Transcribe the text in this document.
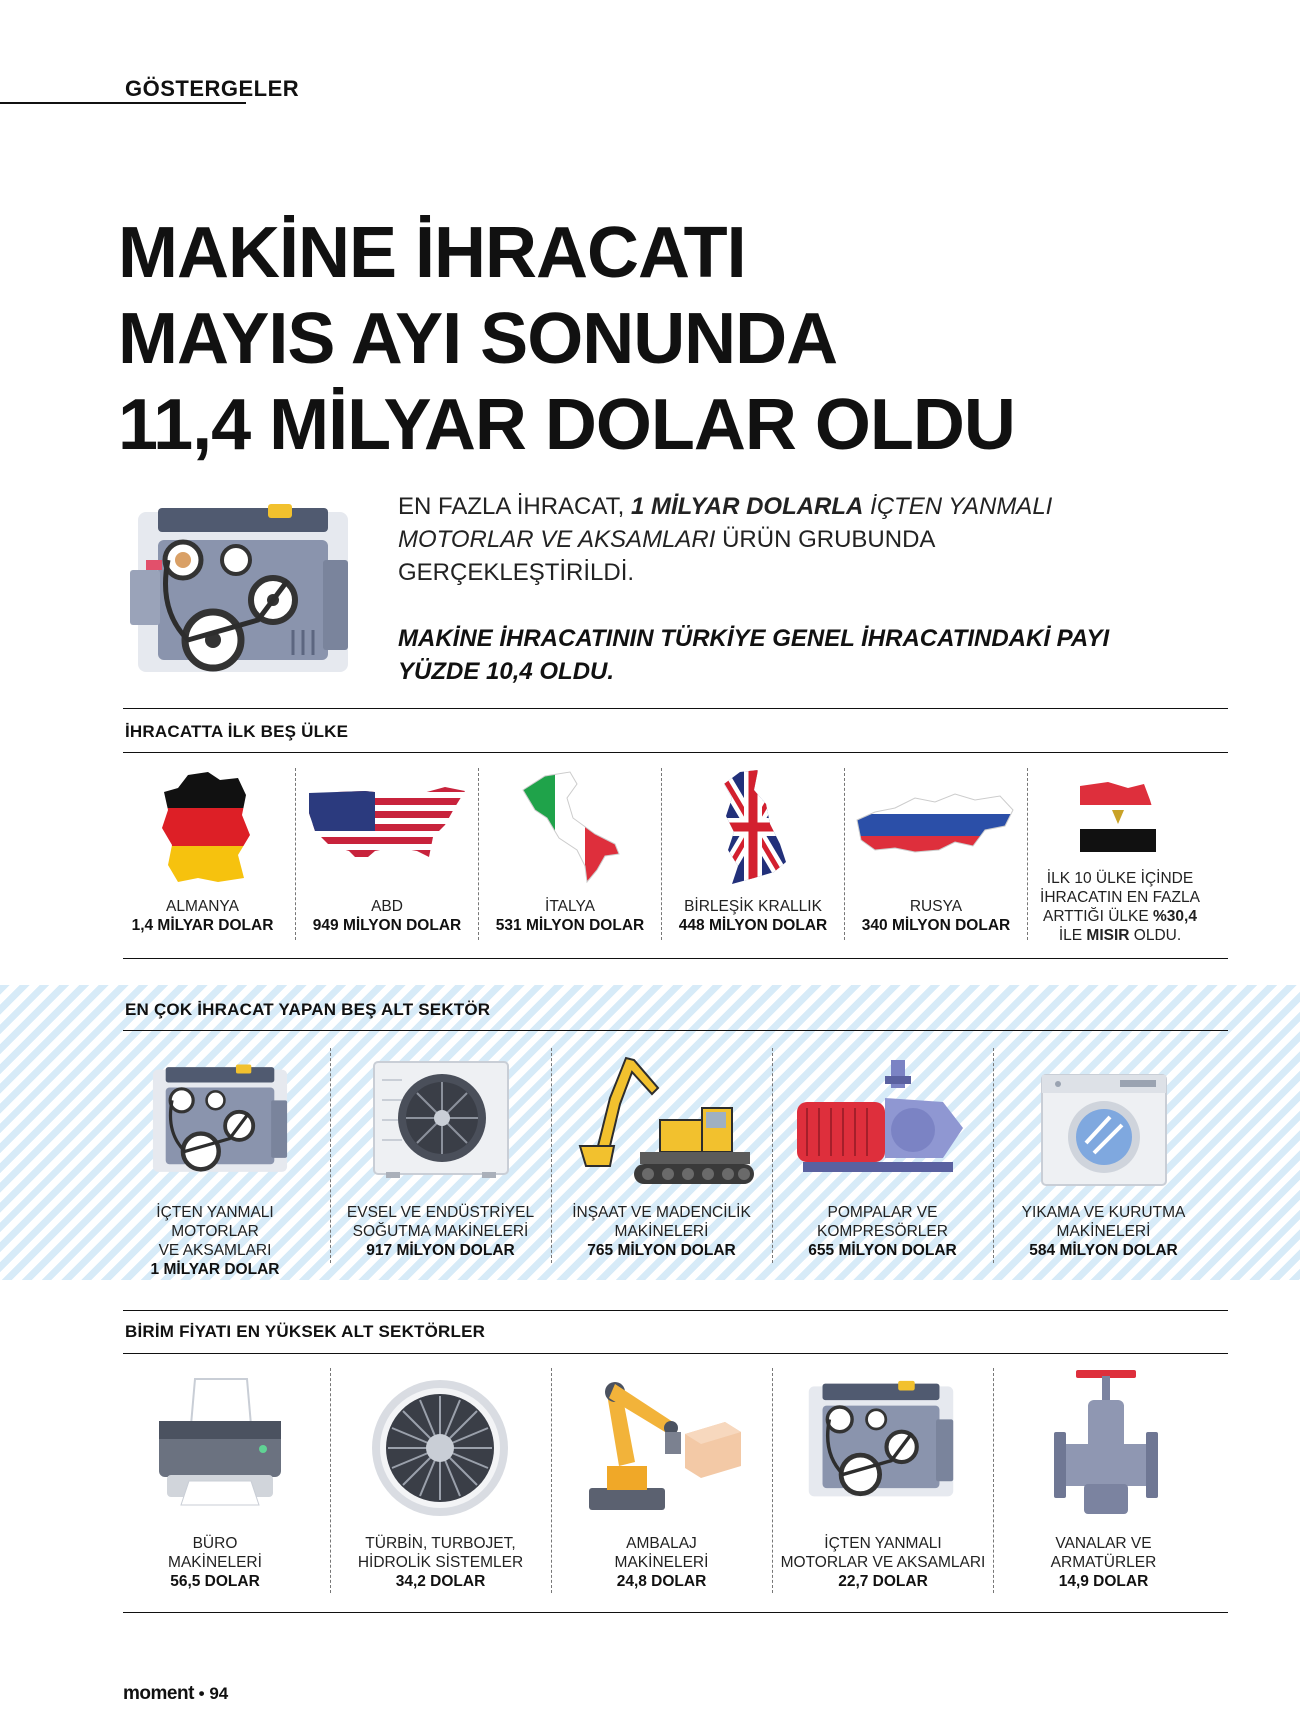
GÖSTERGELER
MAKİNE İHRACATI
MAYIS AYI SONUNDA
11,4 MİLYAR DOLAR OLDU
EN FAZLA İHRACAT, 1 MİLYAR DOLARLA İÇTEN YANMALI MOTORLAR VE AKSAMLARI ÜRÜN GRUBUNDA GERÇEKLEŞTİRİLDİ.
MAKİNE İHRACATININ TÜRKİYE GENEL İHRACATINDAKİ PAYI YÜZDE 10,4 OLDU.
İHRACATTA İLK BEŞ ÜLKE
ALMANYA
1,4 MİLYAR DOLAR
ABD
949 MİLYON DOLAR
İTALYA
531 MİLYON DOLAR
BİRLEŞİK KRALLIK
448 MİLYON DOLAR
RUSYA
340 MİLYON DOLAR
İLK 10 ÜLKE İÇİNDE
İHRACATIN EN FAZLA
ARTTIĞI ÜLKE %30,4
İLE MISIR OLDU.
EN ÇOK İHRACAT YAPAN BEŞ ALT SEKTÖR
İÇTEN YANMALI MOTORLAR
VE AKSAMLARI
1 MİLYAR DOLAR
EVSEL VE ENDÜSTRİYEL
SOĞUTMA MAKİNELERİ
917 MİLYON DOLAR
İNŞAAT VE MADENCİLİK
MAKİNELERİ
765 MİLYON DOLAR
POMPALAR VE
KOMPRESÖRLER
655 MİLYON DOLAR
YIKAMA VE KURUTMA
MAKİNELERİ
584 MİLYON DOLAR
BİRİM FİYATI EN YÜKSEK ALT SEKTÖRLER
BÜRO
MAKİNELERİ
56,5 DOLAR
TÜRBİN, TURBOJET,
HİDROLİK SİSTEMLER
34,2 DOLAR
AMBALAJ
MAKİNELERİ
24,8 DOLAR
İÇTEN YANMALI
MOTORLAR VE AKSAMLARI
22,7 DOLAR
VANALAR VE
ARMATÜRLER
14,9 DOLAR
moment • 94
